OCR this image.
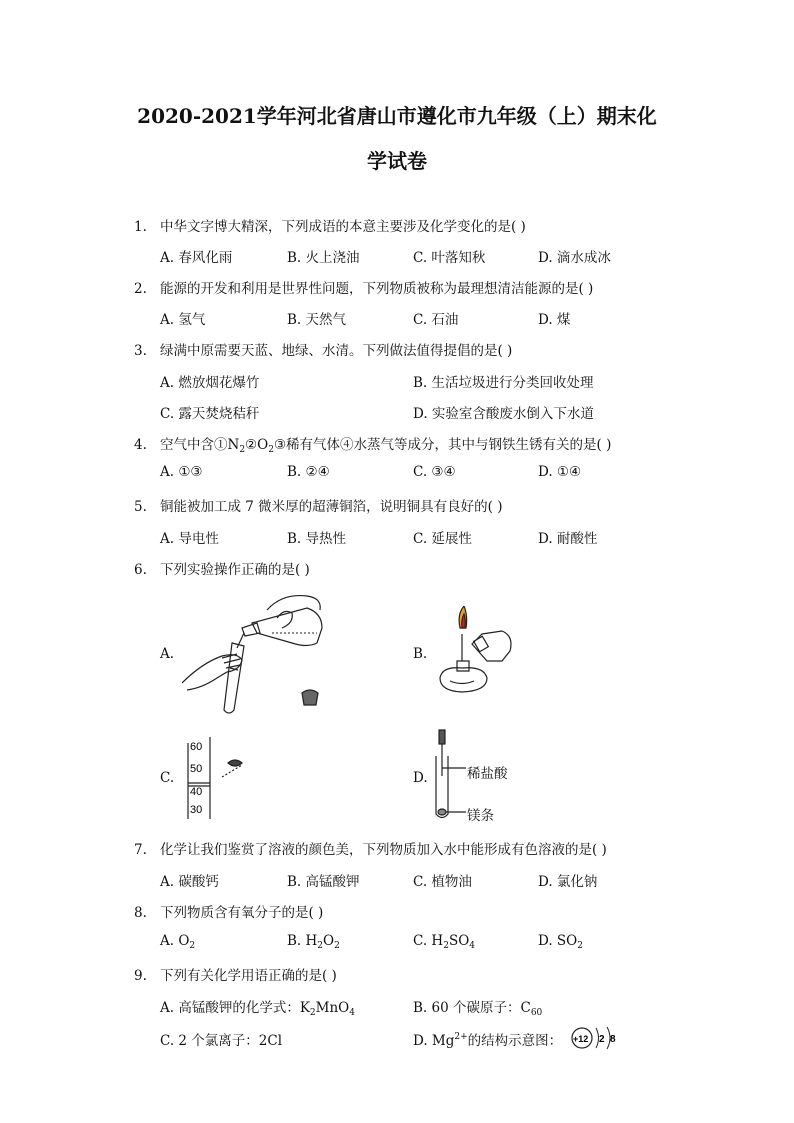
2020-2021学年河北省唐山市遵化市九年级（上）期末化
学试卷
1. 中华文字博大精深，下列成语的本意主要涉及化学变化的是( )
A. 春风化雨	B. 火上浇油	C. 叶落知秋	D. 滴水成冰
2. 能源的开发和利用是世界性问题，下列物质被称为最理想清洁能源的是( )
A. 氢气	B. 天然气	C. 石油	D. 煤
3. 绿满中原需要天蓝、地绿、水清。下列做法值得提倡的是( )
A. 燃放烟花爆竹	B. 生活垃圾进行分类回收处理
C. 露天焚烧秸秆	D. 实验室含酸废水倒入下水道
4. 空气中含$①N_2②O_2③$稀有气体④水蒸气等成分，其中与钢铁生锈有关的是( )
A. ①③	B. ②④	C. ③④	D. ①④
5. 铜能被加工成 7 微米厚的超薄铜箔，说明铜具有良好的( )
A. 导电性	B. 导热性	C. 延展性	D. 耐酸性
6. 下列实验操作正确的是( )
A.	B.
C.	D.
60
50
40
30
稀盐酸
镁条
7. 化学让我们鉴赏了溶液的颜色美，下列物质加入水中能形成有色溶液的是( )
A. 碳酸钙	B. 高锰酸钾	C. 植物油	D. 氯化钠
8. 下列物质含有氧分子的是( )
A. $O_2$	B. $H_2O_2$	C. $H_2SO_4$	D. $SO_2$
9. 下列有关化学用语正确的是( )
A. 高锰酸钾的化学式：$K_2MnO_4$	B. 60 个碳原子：$C_{60}$
C. 2 个氯离子：2Cl	D. $Mg^{2+}$的结构示意图： +12 2 8
